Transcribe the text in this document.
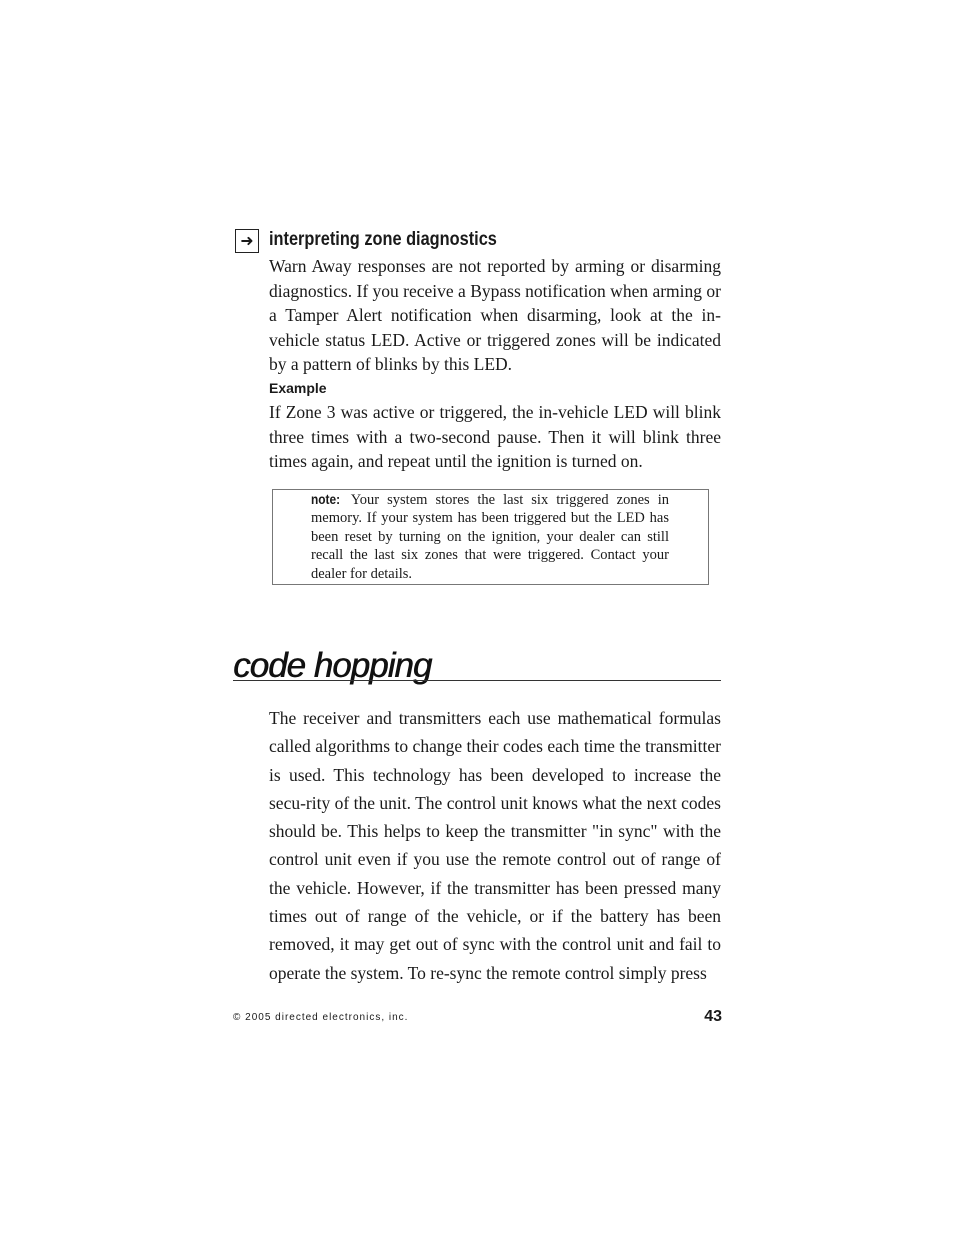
➜ interpreting zone diagnostics

Warn Away responses are not reported by arming or disarming diagnostics. If you receive a Bypass notification when arming or a Tamper Alert notification when disarming, look at the in-vehicle status LED. Active or triggered zones will be indicated by a pattern of blinks by this LED.

Example

If Zone 3 was active or triggered, the in-vehicle LED will blink three times with a two-second pause. Then it will blink three times again, and repeat until the ignition is turned on.

note: Your system stores the last six triggered zones in memory. If your system has been triggered but the LED has been reset by turning on the ignition, your dealer can still recall the last six zones that were triggered. Contact your dealer for details.

code hopping

The receiver and transmitters each use mathematical formulas called algorithms to change their codes each time the transmitter is used. This technology has been developed to increase the secu-rity of the unit. The control unit knows what the next codes should be. This helps to keep the transmitter "in sync" with the control unit even if you use the remote control out of range of the vehicle. However, if the transmitter has been pressed many times out of range of the vehicle, or if the battery has been removed, it may get out of sync with the control unit and fail to operate the system. To re-sync the remote control simply press

© 2005 directed electronics, inc.	43
